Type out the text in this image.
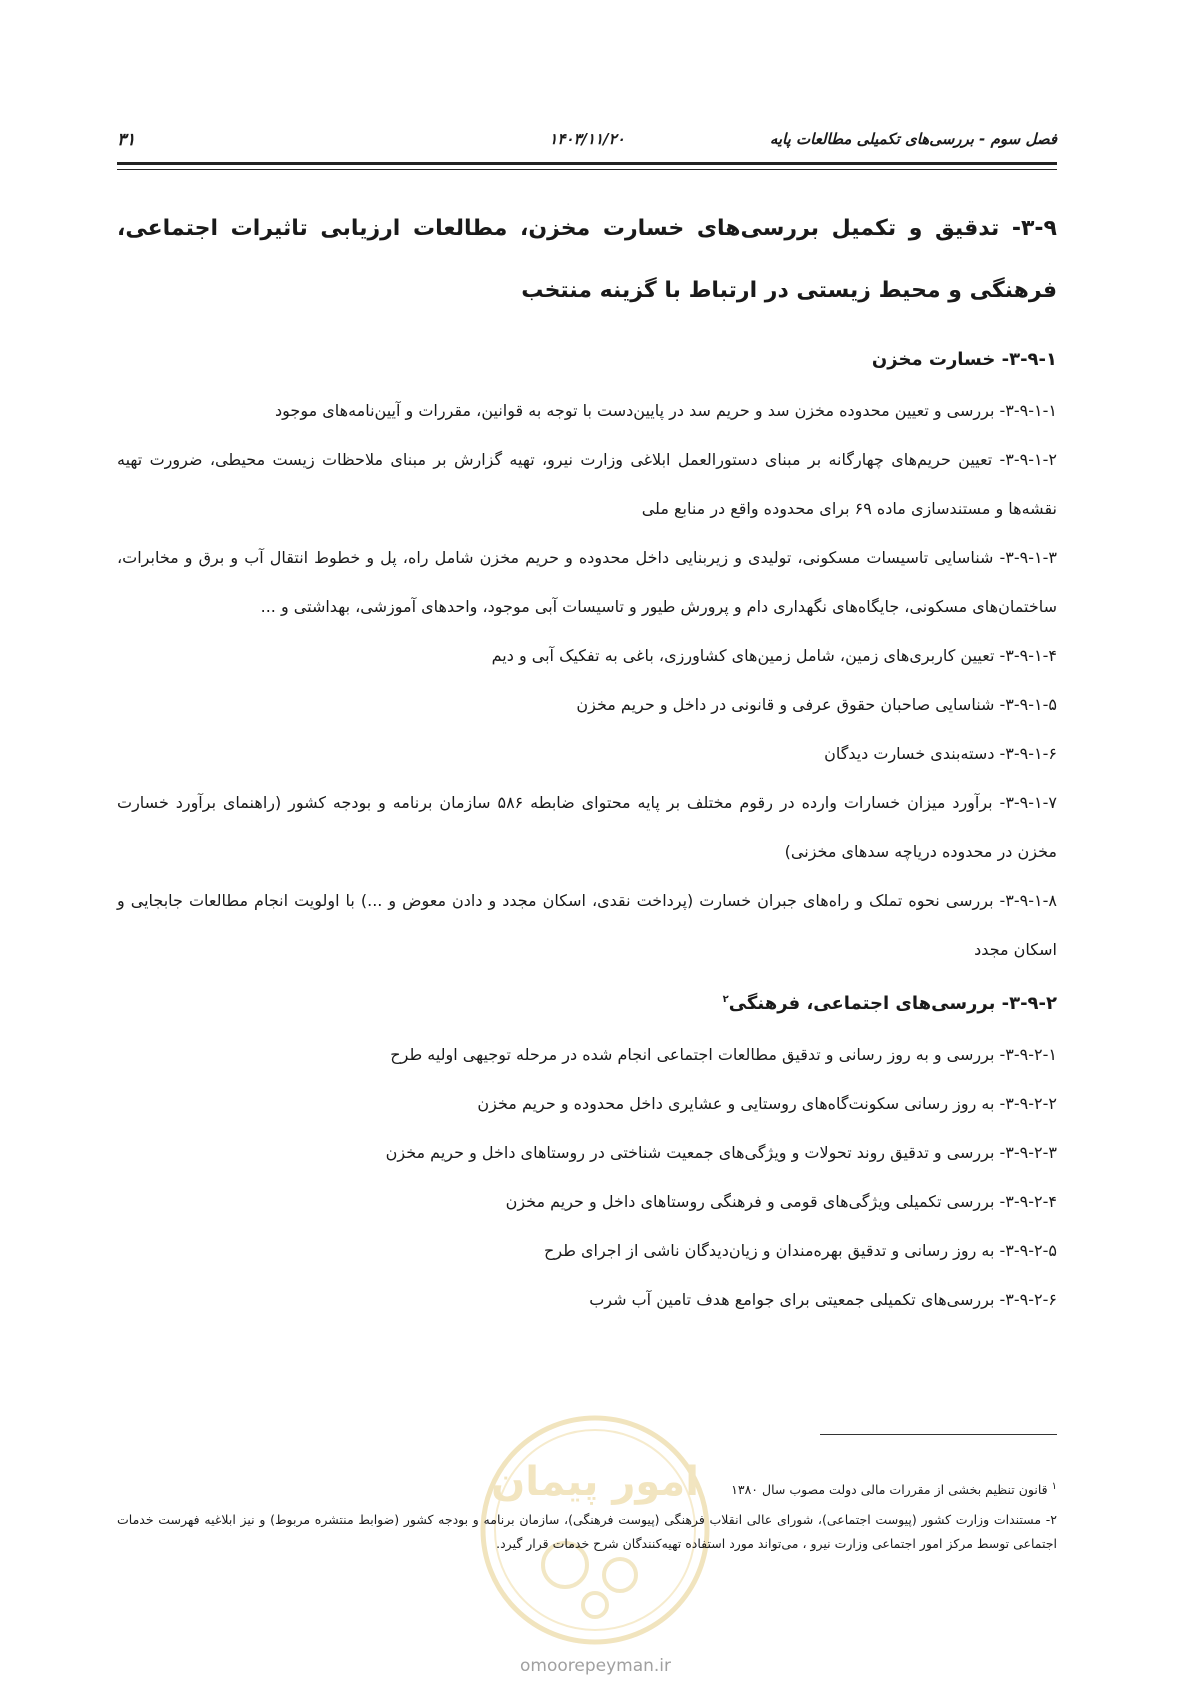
فصل سوم - بررسی‌های تکمیلی مطالعات پایه
۱۴۰۳/۱۱/۲۰
۳۱
۳-۹- تدقیق و تکمیل بررسی‌های خسارت مخزن، مطالعات ارزیابی تاثیرات اجتماعی، فرهنگی و محیط زیستی در ارتباط با گزینه منتخب
۳-۹-۱- خسارت مخزن

۳-۹-۱-۱- بررسی و تعیین محدوده مخزن سد و حریم سد در پایین‌دست با توجه به قوانین، مقررات و آیین‌نامه‌های موجود

۳-۹-۱-۲- تعیین حریم‌های چهارگانه بر مبنای دستورالعمل ابلاغی وزارت نیرو، تهیه گزارش بر مبنای ملاحظات زیست محیطی، ضرورت تهیه نقشه‌ها و مستندسازی ماده ۶۹ برای محدوده واقع در منابع ملی

۳-۹-۱-۳- شناسایی تاسیسات مسکونی، تولیدی و زیربنایی داخل محدوده و حریم مخزن شامل راه، پل و خطوط انتقال آب و برق و مخابرات، ساختمان‌های مسکونی، جایگاه‌های نگهداری دام و پرورش طیور و تاسیسات آبی موجود، واحدهای آموزشی، بهداشتی و ...

۳-۹-۱-۴- تعیین کاربری‌های زمین، شامل زمین‌های کشاورزی، باغی به تفکیک آبی و دیم

۳-۹-۱-۵- شناسایی صاحبان حقوق عرفی و قانونی در داخل و حریم مخزن

۳-۹-۱-۶- دسته‌بندی خسارت دیدگان

۳-۹-۱-۷- برآورد میزان خسارات وارده در رقوم مختلف بر پایه محتوای ضابطه ۵۸۶ سازمان برنامه و بودجه کشور (راهنمای برآورد خسارت مخزن در محدوده دریاچه سدهای مخزنی)

۳-۹-۱-۸- بررسی نحوه تملک و راه‌های جبران خسارت (پرداخت نقدی، اسکان مجدد و دادن معوض و ...) با اولویت انجام مطالعات جابجایی و اسکان مجدد

۳-۹-۲- بررسی‌های اجتماعی، فرهنگی$^۲$

۳-۹-۲-۱- بررسی و به روز رسانی و تدقیق مطالعات اجتماعی انجام شده در مرحله توجیهی اولیه طرح

۳-۹-۲-۲- به روز رسانی سکونت‌گاه‌های روستایی و عشایری داخل محدوده و حریم مخزن

۳-۹-۲-۳- بررسی و تدقیق روند تحولات و ویژگی‌های جمعیت شناختی در روستاهای داخل و حریم مخزن

۳-۹-۲-۴- بررسی تکمیلی ویژگی‌های قومی و فرهنگی روستاهای داخل و حریم مخزن

۳-۹-۲-۵- به روز رسانی و تدقیق بهره‌مندان و زیان‌دیدگان ناشی از اجرای طرح

۳-۹-۲-۶- بررسی‌های تکمیلی جمعیتی برای جوامع هدف تامین آب شرب

امور پیمان
omoorepeyman.ir

$^۱$ قانون تنظیم بخشی از مقررات مالی دولت مصوب سال ۱۳۸۰

۲- مستندات وزارت کشور (پیوست اجتماعی)، شورای عالی انقلاب فرهنگی (پیوست فرهنگی)، سازمان برنامه و بودجه کشور (ضوابط منتشره مربوط) و نیز ابلاغیه فهرست خدمات اجتماعی توسط مرکز امور اجتماعی وزارت نیرو ، می‌تواند مورد استفاده تهیه‌کنندگان شرح خدمات قرار گیرد.
